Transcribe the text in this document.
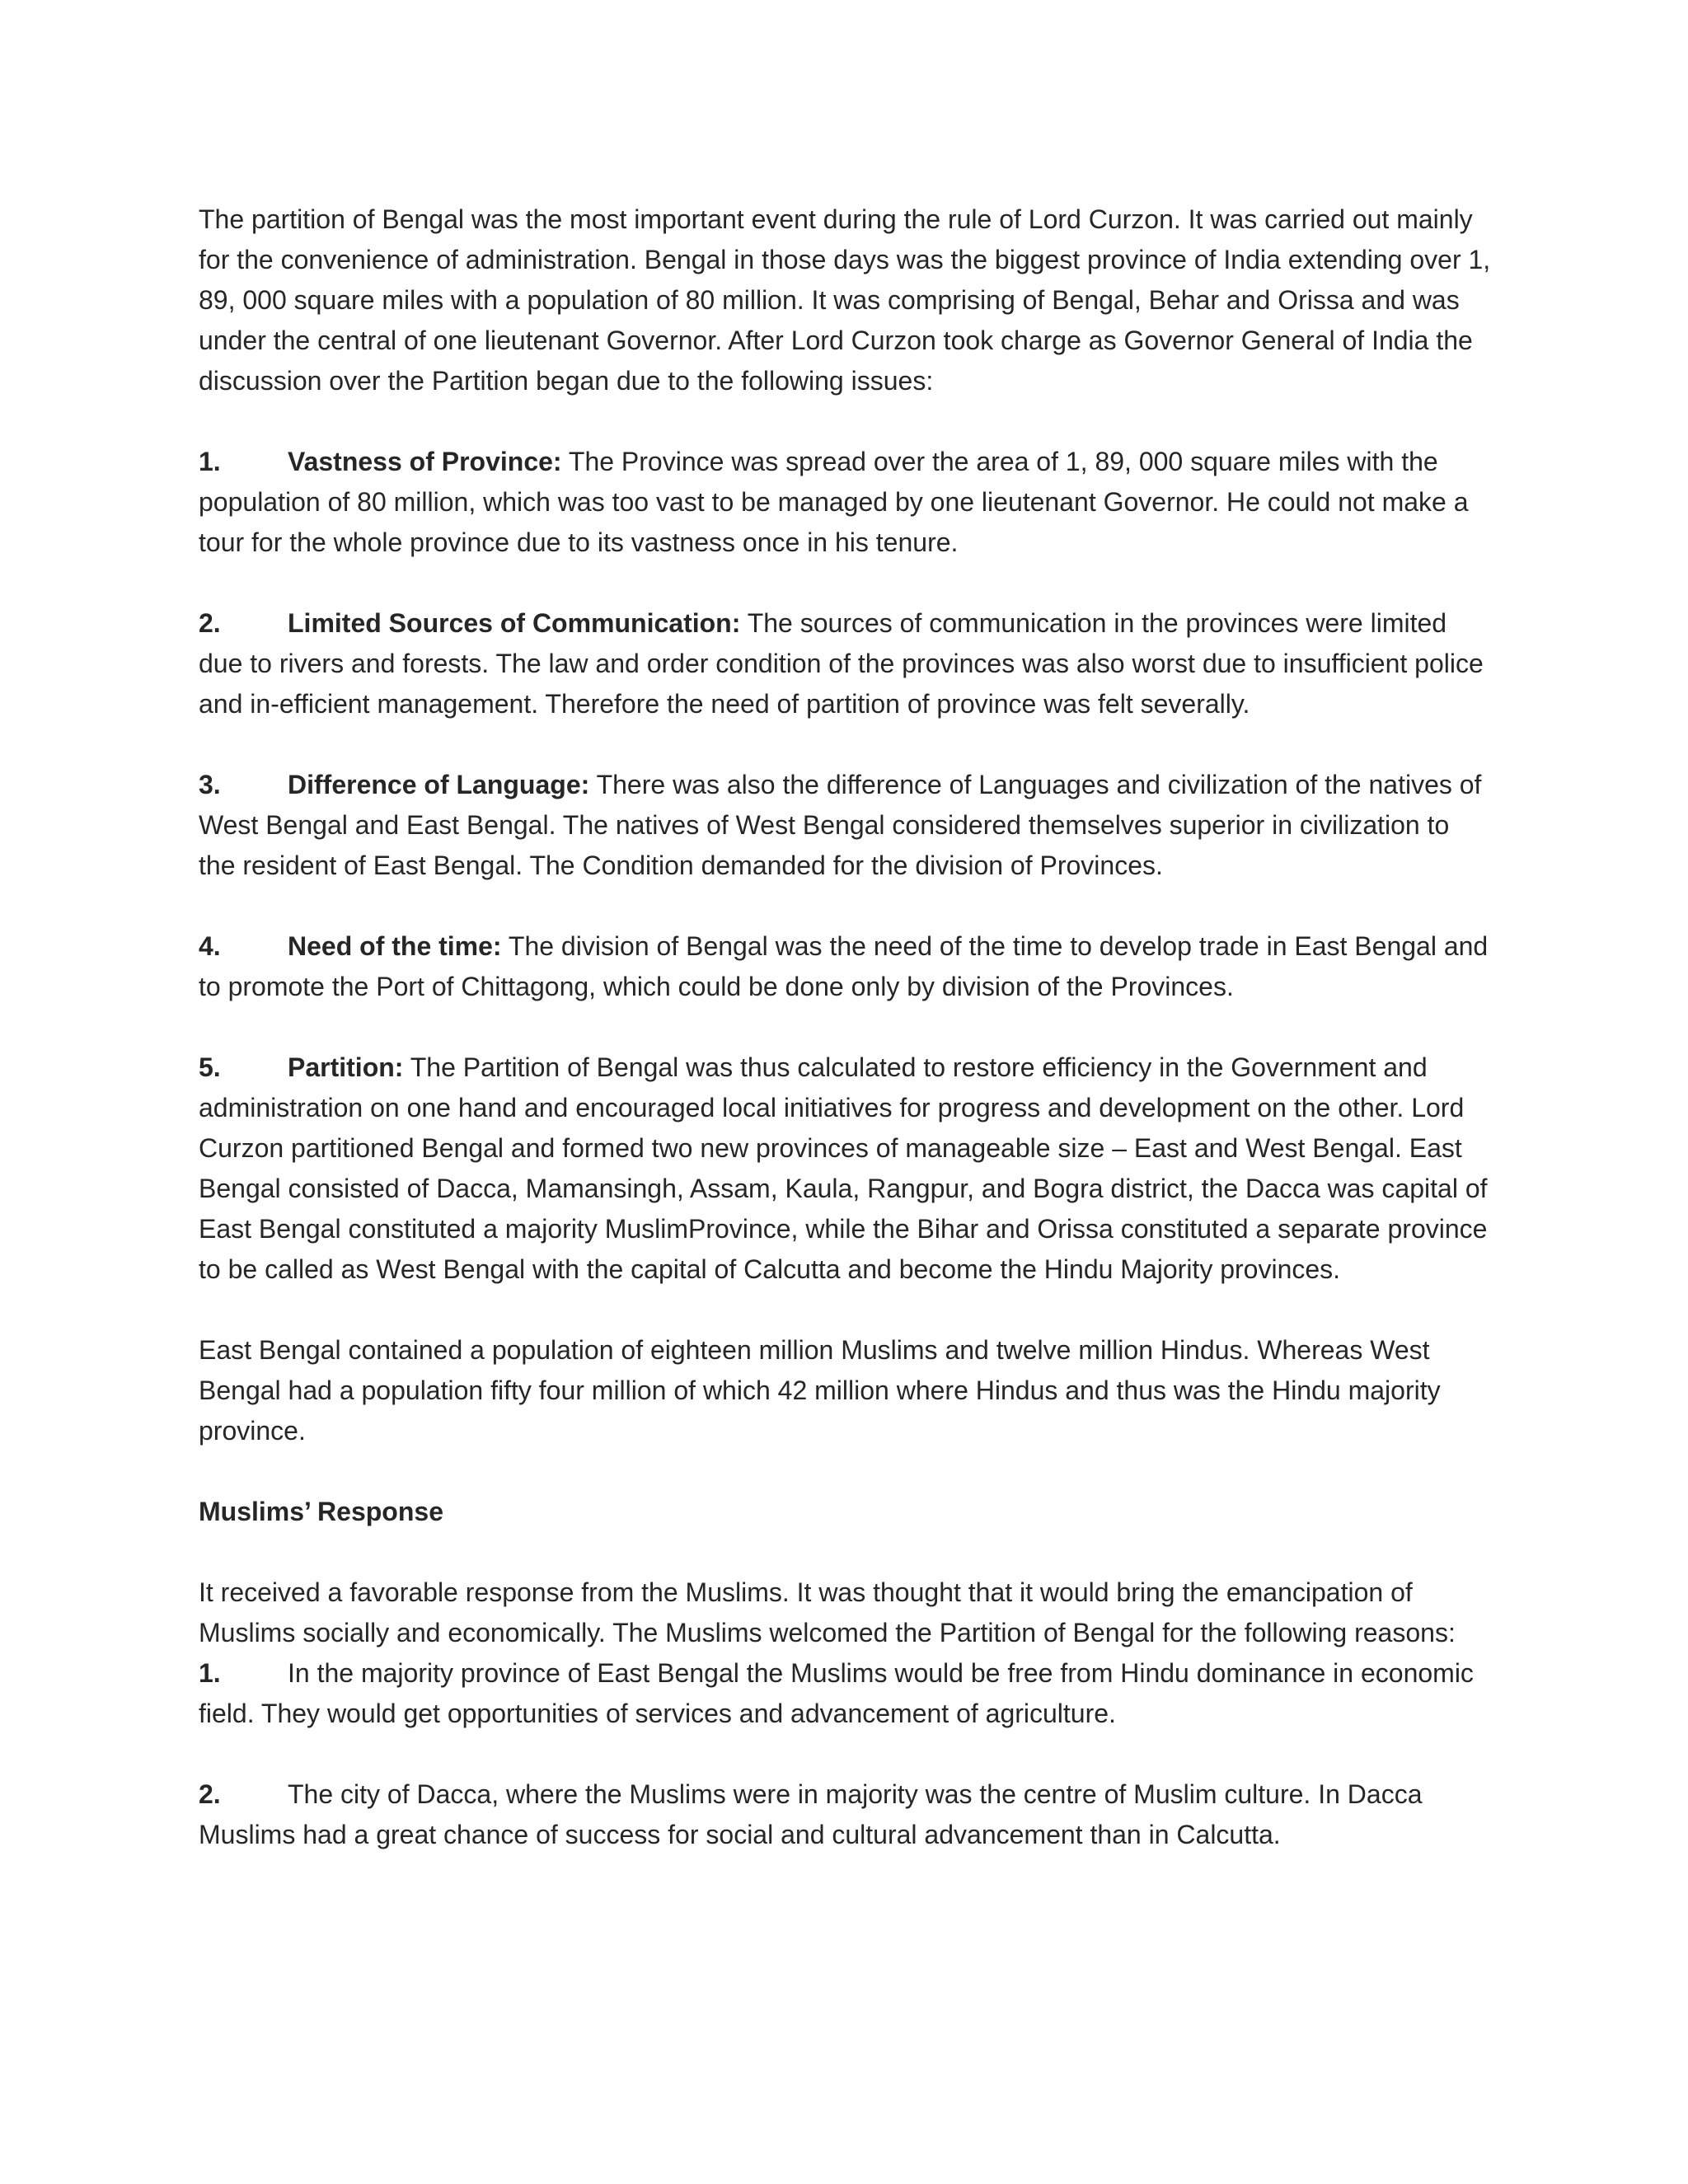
The partition of Bengal was the most important event during the rule of Lord Curzon. It was carried out mainly for the convenience of administration. Bengal in those days was the biggest province of India extending over 1, 89, 000 square miles with a population of 80 million. It was comprising of Bengal, Behar and Orissa and was under the central of one lieutenant Governor. After Lord Curzon took charge as Governor General of India the discussion over the Partition began due to the following issues:

1.	Vastness of Province: The Province was spread over the area of 1, 89, 000 square miles with the population of 80 million, which was too vast to be managed by one lieutenant Governor. He could not make a tour for the whole province due to its vastness once in his tenure.

2.	Limited Sources of Communication: The sources of communication in the provinces were limited due to rivers and forests. The law and order condition of the provinces was also worst due to insufficient police and in-efficient management. Therefore the need of partition of province was felt severally.

3.	Difference of Language: There was also the difference of Languages and civilization of the natives of West Bengal and East Bengal. The natives of West Bengal considered themselves superior in civilization to the resident of East Bengal. The Condition demanded for the division of Provinces.

4.	Need of the time: The division of Bengal was the need of the time to develop trade in East Bengal and to promote the Port of Chittagong, which could be done only by division of the Provinces.

5.	Partition: The Partition of Bengal was thus calculated to restore efficiency in the Government and administration on one hand and encouraged local initiatives for progress and development on the other. Lord Curzon partitioned Bengal and formed two new provinces of manageable size – East and West Bengal. East Bengal consisted of Dacca, Mamansingh, Assam, Kaula, Rangpur, and Bogra district, the Dacca was capital of East Bengal constituted a majority MuslimProvince, while the Bihar and Orissa constituted a separate province to be called as West Bengal with the capital of Calcutta and become the Hindu Majority provinces.

East Bengal contained a population of eighteen million Muslims and twelve million Hindus. Whereas West Bengal had a population fifty four million of which 42 million where Hindus and thus was the Hindu majority province.

Muslims’ Response

It received a favorable response from the Muslims. It was thought that it would bring the emancipation of Muslims socially and economically. The Muslims welcomed the Partition of Bengal for the following reasons:

1.	In the majority province of East Bengal the Muslims would be free from Hindu dominance in economic field. They would get opportunities of services and advancement of agriculture.

2.	The city of Dacca, where the Muslims were in majority was the centre of Muslim culture. In Dacca Muslims had a great chance of success for social and cultural advancement than in Calcutta.
